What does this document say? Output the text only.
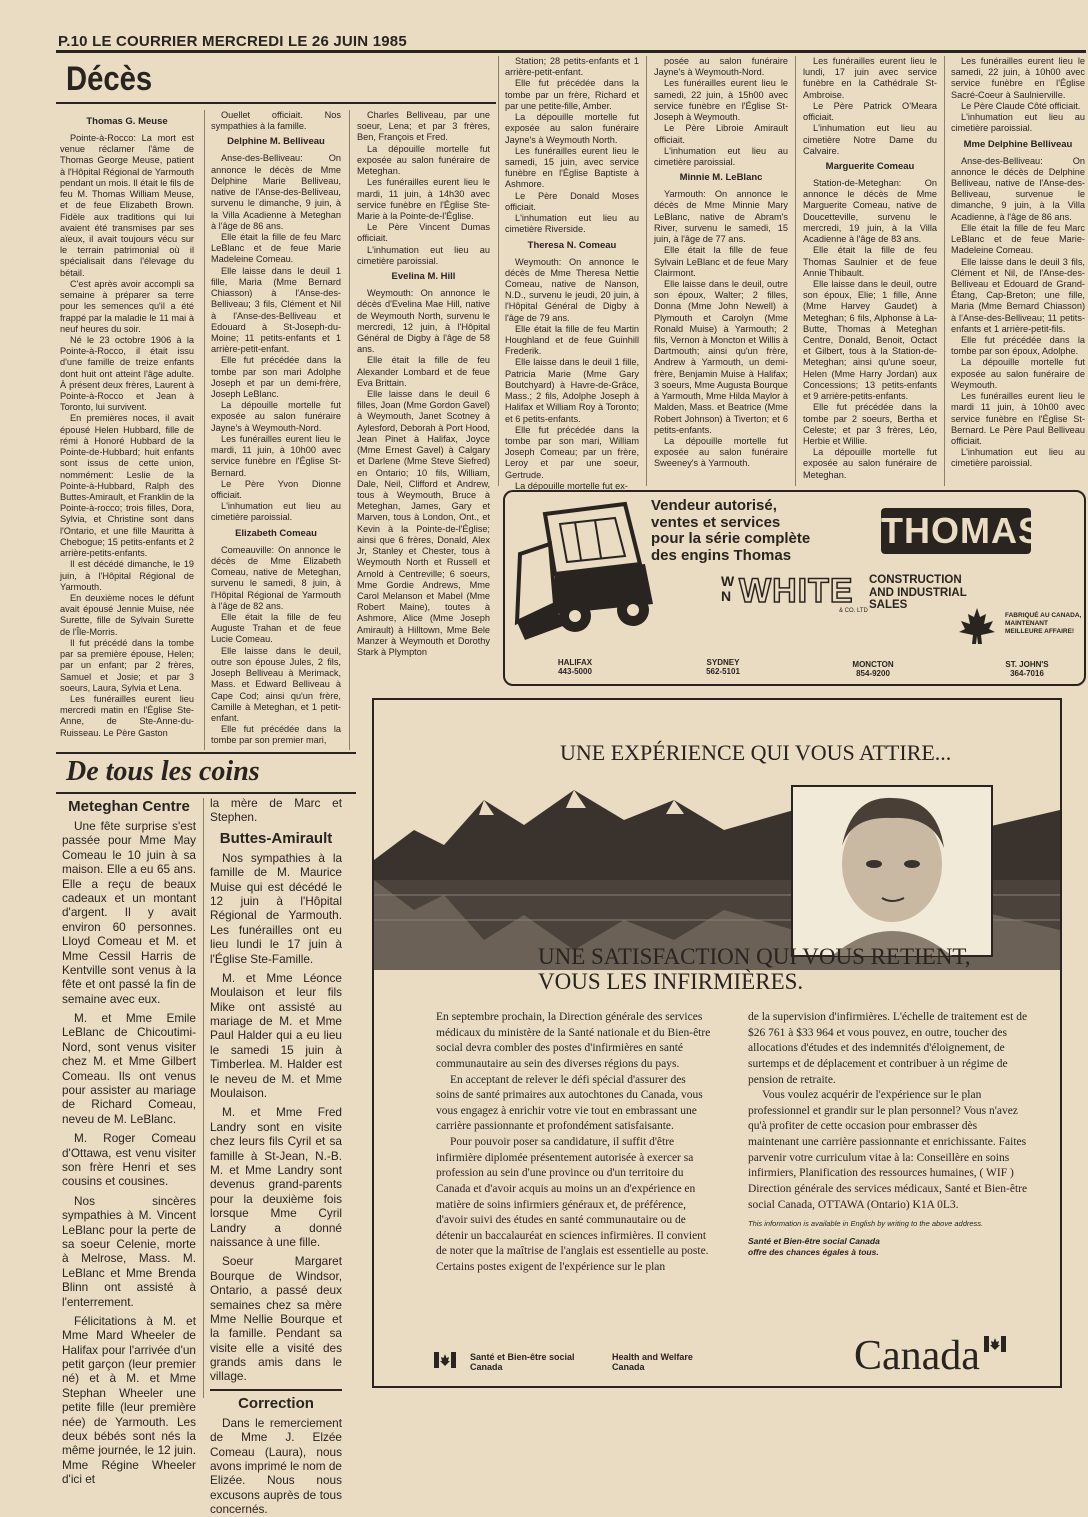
P.10 LE COURRIER MERCREDI LE 26 JUIN 1985
Décès
Thomas G. Meuse

Pointe-à-Rocco: La mort est venue réclamer l'âme de Thomas George Meuse, patient à l'Hôpital Régional de Yarmouth pendant un mois. Il était le fils de feu M. Thomas William Meuse, et de feue Elizabeth Brown. Fidèle aux traditions qui lui avaient été transmises par ses aïeux, il avait toujours vécu sur le terrain patrimonial où il spécialisait dans l'élevage du bétail.

C'est après avoir accompli sa semaine à préparer sa terre pour les semences qu'il a été frappé par la maladie le 11 mai à neuf heures du soir.

Né le 23 octobre 1906 à la Pointe-à-Rocco, il était issu d'une famille de treize enfants dont huit ont atteint l'âge adulte. À présent deux frères, Laurent à Pointe-à-Rocco et Jean à Toronto, lui survivent.

En premières noces, il avait épousé Helen Hubbard, fille de rémi à Honoré Hubbard de la Pointe-de-Hubbard; huit enfants sont issus de cette union, nommément: Leslie de la Pointe-à-Hubbard, Ralph des Buttes-Amirault, et Franklin de la Pointe-à-rocco; trois filles, Dora, Sylvia, et Christine sont dans l'Ontario, et une fille Mauritta à Chebogue; 15 petits-enfants et 2 arrière-petits-enfants.

Il est décédé dimanche, le 19 juin, à l'Hôpital Régional de Yarmouth.

En deuxième noces le défunt avait épousé Jennie Muise, née Surette, fille de Sylvain Surette de l'Île-Morris.

Il fut précédé dans la tombe par sa première épouse, Helen; par un enfant; par 2 frères, Samuel et Josie; et par 3 soeurs, Laura, Sylvia et Lena.

Les funérailles eurent lieu mercredi matin en l'Église Ste-Anne, de Ste-Anne-du-Ruisseau. Le Père Gaston

Ouellet officiait. Nos sympathies à la famille.

Delphine M. Belliveau

Anse-des-Belliveau: On annonce le décès de Mme Delphine Marie Belliveau, native de l'Anse-des-Belliveau, survenu le dimanche, 9 juin, à la Villa Acadienne à Meteghan à l'âge de 86 ans.

Elle était la fille de feu Marc LeBlanc et de feue Marie Madeleine Comeau.

Elle laisse dans le deuil 1 fille, Maria (Mme Bernard Chiasson) à l'Anse-des-Belliveau; 3 fils, Clément et Nil à l'Anse-des-Belliveau et Edouard à St-Joseph-du-Moine; 11 petits-enfants et 1 arrière-petit-enfant.

Elle fut précédée dans la tombe par son mari Adolphe Joseph et par un demi-frère, Joseph LeBlanc.

La dépouille mortelle fut exposée au salon funéraire Jayne's à Weymouth-Nord.

Les funérailles eurent lieu le mardi, 11 juin, à 10h00 avec service funèbre en l'Église St-Bernard.

Le Père Yvon Dionne officiait.

L'inhumation eut lieu au cimetière paroissial.

Elizabeth Comeau

Comeauville: On annonce le décès de Mme Elizabeth Comeau, native de Meteghan, survenu le samedi, 8 juin, à l'Hôpital Régional de Yarmouth à l'âge de 82 ans.

Elle était la fille de feu Auguste Trahan et de feue Lucie Comeau.

Elle laisse dans le deuil, outre son épouse Jules, 2 fils, Joseph Belliveau à Merimack, Mass. et Edward Belliveau à Cape Cod; ainsi qu'un frère, Camille à Meteghan, et 1 petit-enfant.

Elle fut précédée dans la tombe par son premier mari,

Charles Belliveau, par une soeur, Lena; et par 3 frères, Ben, François et Fred.

La dépouille mortelle fut exposée au salon funéraire de Meteghan.

Les funérailles eurent lieu le mardi, 11 juin, à 14h30 avec service funèbre en l'Église Ste-Marie à la Pointe-de-l'Église.

Le Père Vincent Dumas officiait.

L'inhumation eut lieu au cimetière paroissial.

Evelina M. Hill

Weymouth: On annonce le décès d'Evelina Mae Hill, native de Weymouth North, survenu le mercredi, 12 juin, à l'Hôpital Général de Digby à l'âge de 58 ans.

Elle était la fille de feu Alexander Lombard et de feue Eva Brittain.

Elle laisse dans le deuil 6 filles, Joan (Mme Gordon Gavel) à Weymouth, Janet Scotney à Aylesford, Deborah à Port Hood, Jean Pinet à Halifax, Joyce (Mme Ernest Gavel) à Calgary et Darlene (Mme Steve Siefred) en Ontario; 10 fils, William, Dale, Neil, Clifford et Andrew, tous à Weymouth, Bruce à Meteghan, James, Gary et Marven, tous à London, Ont., et Kevin à la Pointe-de-l'Église; ainsi que 6 frères, Donald, Alex Jr, Stanley et Chester, tous à Weymouth North et Russell et Arnold à Centreville; 6 soeurs, Mme Gordie Andrews, Mme Carol Melanson et Mabel (Mme Robert Maine), toutes à Ashmore, Alice (Mme Joseph Amirault) à Hilltown, Mme Bele Manzer à Weymouth et Dorothy Stark à Plympton

Station; 28 petits-enfants et 1 arrière-petit-enfant.

Elle fut précédée dans la tombe par un frère, Richard et par une petite-fille, Amber.

La dépouille mortelle fut exposée au salon funéraire Jayne's à Weymouth North.

Les funérailles eurent lieu le samedi, 15 juin, avec service funèbre en l'Église Baptiste à Ashmore.

Le Père Donald Moses officiait.

L'inhumation eut lieu au cimetière Riverside.

Theresa N. Comeau

Weymouth: On annonce le décès de Mme Theresa Nettie Comeau, native de Nanson, N.D., survenu le jeudi, 20 juin, à l'Hôpital Général de Digby à l'âge de 79 ans.

Elle était la fille de feu Martin Houghland et de feue Guinhill Frederik.

Elle laisse dans le deuil 1 fille, Patricia Marie (Mme Gary Boutchyard) à Havre-de-Grâce, Mass.; 2 fils, Adolphe Joseph à Halifax et William Roy à Toronto; et 6 petits-enfants.

Elle fut précédée dans la tombe par son mari, William Joseph Comeau; par un frère, Leroy et par une soeur, Gertrude.

La dépouille mortelle fut ex-

posée au salon funéraire Jayne's à Weymouth-Nord.

Les funérailles eurent lieu le samedi, 22 juin, à 15h00 avec service funèbre en l'Église St-Joseph à Weymouth.

Le Père Libroie Amirault officiait.

L'inhumation eut lieu au cimetière paroissial.

Minnie M. LeBlanc

Yarmouth: On annonce le décès de Mme Minnie Mary LeBlanc, native de Abram's River, survenu le samedi, 15 juin, à l'âge de 77 ans.

Elle était la fille de feue Sylvain LeBlanc et de feue Mary Clairmont.

Elle laisse dans le deuil, outre son époux, Walter; 2 filles, Donna (Mme John Newell) à Plymouth et Carolyn (Mme Ronald Muise) à Yarmouth; 2 fils, Vernon à Moncton et Willis à Dartmouth; ainsi qu'un frère, Andrew à Yarmouth, un demi-frère, Benjamin Muise à Halifax; 3 soeurs, Mme Augusta Bourque à Yarmouth, Mme Hilda Maylor à Malden, Mass. et Beatrice (Mme Robert Johnson) à Tiverton; et 6 petits-enfants.

La dépouille mortelle fut exposée au salon funéraire Sweeney's à Yarmouth.

Les funérailles eurent lieu le lundi, 17 juin avec service funèbre en la Cathédrale St-Ambroise.

Le Père Patrick O'Meara officiait.

L'inhumation eut lieu au cimetière Notre Dame du Calvaire.

Marguerite Comeau

Station-de-Meteghan: On annonce le décès de Mme Marguerite Comeau, native de Doucetteville, survenu le mercredi, 19 juin, à la Villa Acadienne à l'âge de 83 ans.

Elle était la fille de feu Thomas Saulnier et de feue Annie Thibault.

Elle laisse dans le deuil, outre son époux, Elie; 1 fille, Anne (Mme Harvey Gaudet) à Meteghan; 6 fils, Alphonse à La-Butte, Thomas à Meteghan Centre, Donald, Benoit, Octact et Gilbert, tous à la Station-de-Meteghan; ainsi qu'une soeur, Helen (Mme Harry Jordan) aux Concessions; 13 petits-enfants et 9 arrière-petits-enfants.

Elle fut précédée dans la tombe par 2 soeurs, Bertha et Celeste; et par 3 frères, Léo, Herbie et Willie.

La dépouille mortelle fut exposée au salon funéraire de Meteghan.

Les funérailles eurent lieu le samedi, 22 juin, à 10h00 avec service funèbre en l'Église Sacré-Coeur à Saulnierville.

Le Père Claude Côté officiait.

L'inhumation eut lieu au cimetière paroissial.

Mme Delphine Belliveau

Anse-des-Belliveau: On annonce le décès de Delphine Belliveau, native de l'Anse-des-Belliveau, survenue le dimanche, 9 juin, à la Villa Acadienne, à l'âge de 86 ans.

Elle était la fille de feu Marc LeBlanc et de feue Marie-Madeleine Comeau.

Elle laisse dans le deuil 3 fils, Clément et Nil, de l'Anse-des-Belliveau et Edouard de Grand-Étang, Cap-Breton; une fille, Maria (Mme Bernard Chiasson) à l'Anse-des-Belliveau; 11 petits-enfants et 1 arrière-petit-fils.

Elle fut précédée dans la tombe par son époux, Adolphe.

La dépouille mortelle fut exposée au salon funéraire de Weymouth.

Les funérailles eurent lieu le mardi 11 juin, à 10h00 avec service funèbre en l'Église St-Bernard. Le Père Paul Belliveau officiait.

L'inhumation eut lieu au cimetière paroissial.

De tous les coins
Meteghan Centre

Une fête surprise s'est passée pour Mme May Comeau le 10 juin à sa maison. Elle a eu 65 ans. Elle a reçu de beaux cadeaux et un montant d'argent. Il y avait environ 60 personnes. Lloyd Comeau et M. et Mme Cessil Harris de Kentville sont venus à la fête et ont passé la fin de semaine avec eux.

M. et Mme Emile LeBlanc de Chicoutimi-Nord, sont venus visiter chez M. et Mme Gilbert Comeau. Ils ont venus pour assister au mariage de Richard Comeau, neveu de M. LeBlanc.

M. Roger Comeau d'Ottawa, est venu visiter son frère Henri et ses cousins et cousines.

Nos sincères sympathies à M. Vincent LeBlanc pour la perte de sa soeur Celenie, morte à Melrose, Mass. M. LeBlanc et Mme Brenda Blinn ont assisté à l'enterrement.

Félicitations à M. et Mme Mard Wheeler de Halifax pour l'arrivée d'un petit garçon (leur premier né) et à M. et Mme Stephan Wheeler une petite fille (leur première née) de Yarmouth. Les deux bébés sont nés la même journée, le 12 juin. Mme Régine Wheeler d'ici et

la mère de Marc et Stephen.

Buttes-Amirault

Nos sympathies à la famille de M. Maurice Muise qui est décédé le 12 juin à l'Hôpital Régional de Yarmouth. Les funérailles ont eu lieu lundi le 17 juin à l'Église Ste-Famille.

M. et Mme Léonce Moulaison et leur fils Mike ont assisté au mariage de M. et Mme Paul Halder qui a eu lieu le samedi 15 juin à Timberlea. M. Halder est le neveu de M. et Mme Moulaison.

M. et Mme Fred Landry sont en visite chez leurs fils Cyril et sa famille à St-Jean, N.-B. M. et Mme Landry sont devenus grand-parents pour la deuxième fois lorsque Mme Cyril Landry a donné naissance à une fille.

Soeur Margaret Bourque de Windsor, Ontario, a passé deux semaines chez sa mère Mme Nellie Bourque et la famille. Pendant sa visite elle a visité des grands amis dans le village.

Correction

Dans le remerciement de Mme J. Elzée Comeau (Laura), nous avons imprimé le nom de Elizée. Nous nous excusons auprès de tous concernés.

Vendeur autorisé,
ventes et services
pour la série complète
des engins Thomas
THOMAS
W
N WHITE
& CO. LTD
CONSTRUCTION
AND INDUSTRIAL
SALES
FABRIQUÉ AU CANADA,
MAINTENANT
MEILLEURE AFFAIRE!
HALIFAX
443-5000
SYDNEY
562-5101
MONCTON
854-9200
ST. JOHN'S
364-7016
UNE EXPÉRIENCE QUI VOUS ATTIRE...
UNE SATISFACTION QUI VOUS RETIENT,
VOUS LES INFIRMIÈRES.

En septembre prochain, la Direction générale des services médicaux du ministère de la Santé nationale et du Bien-être social devra combler des postes d'infirmières en santé communautaire au sein des diverses régions du pays.

En acceptant de relever le défi spécial d'assurer des soins de santé primaires aux autochtones du Canada, vous vous engagez à enrichir votre vie tout en embrassant une carrière passionnante et profondément satisfaisante.

Pour pouvoir poser sa candidature, il suffit d'être infirmière diplomée présentement autorisée à exercer sa profession au sein d'une province ou d'un territoire du Canada et d'avoir acquis au moins un an d'expérience en matière de soins infirmiers généraux et, de préférence, d'avoir suivi des études en santé communautaire ou de détenir un baccalauréat en sciences infirmières. Il convient de noter que la maîtrise de l'anglais est essentielle au poste. Certains postes exigent de l'expérience sur le plan

de la supervision d'infirmières. L'échelle de traitement est de $26 761 à $33 964 et vous pouvez, en outre, toucher des allocations d'études et des indemnités d'éloignement, de surtemps et de déplacement et contribuer à un régime de pension de retraite.

Vous voulez acquérir de l'expérience sur le plan professionnel et grandir sur le plan personnel? Vous n'avez qu'à profiter de cette occasion pour embrasser dès maintenant une carrière passionnante et enrichissante. Faites parvenir votre curriculum vitae à la: Conseillère en soins infirmiers, Planification des ressources humaines, ( WIF ) Direction générale des services médicaux, Santé et Bien-être social Canada, OTTAWA (Ontario) K1A 0L3.

This information is available in English by writing to the above address.

Santé et Bien-être social Canada
offre des chances égales à tous.

Santé et Bien-être social
Canada
Health and Welfare
Canada	Canada
